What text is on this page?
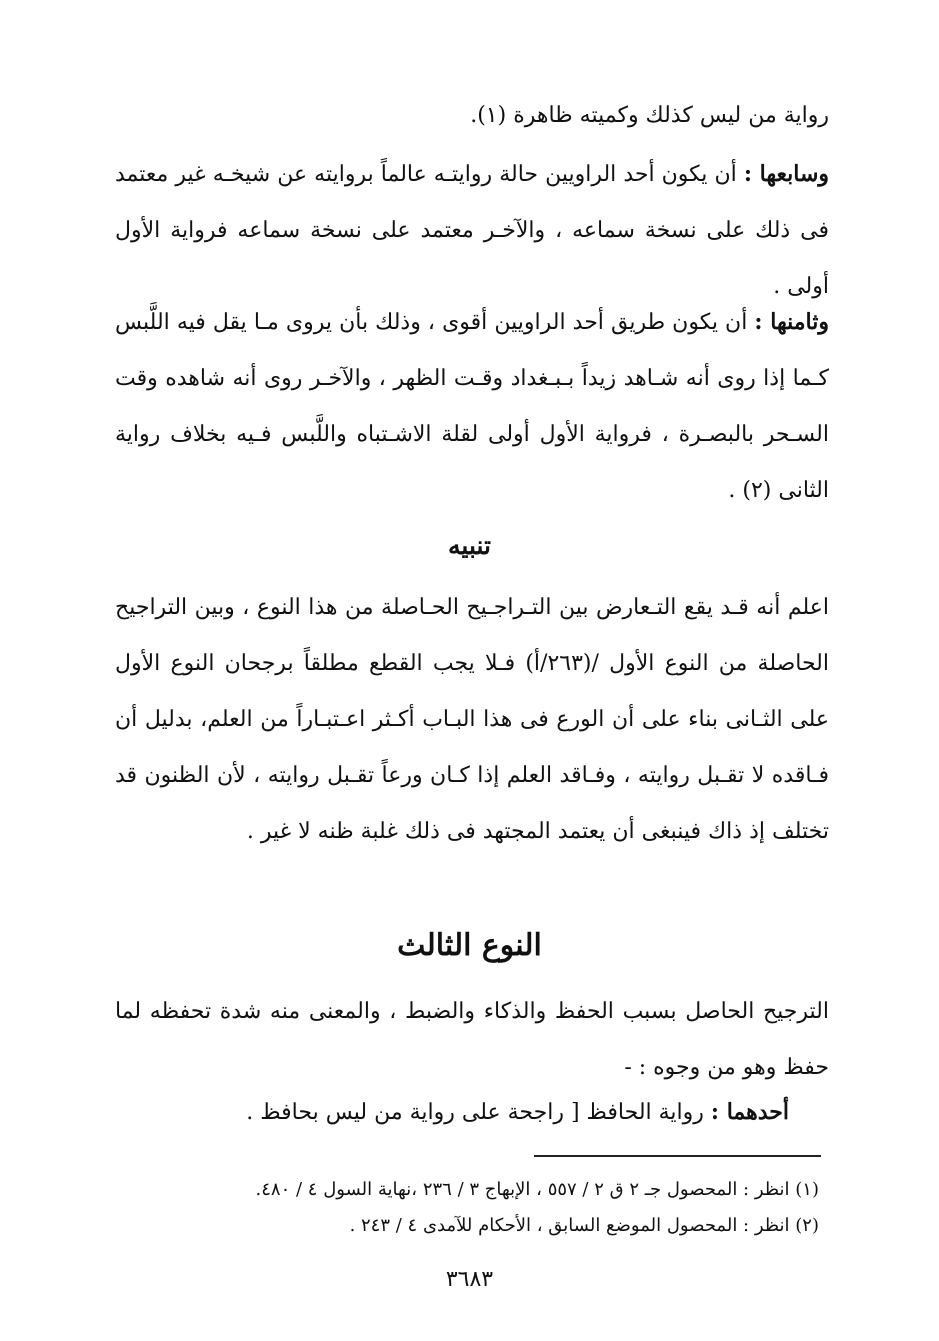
رواية من ليس كذلك وكميته ظاهرة (١).

وسابعها : أن يكون أحد الراويين حالة روايتـه عالماً بروايته عن شيخـه غير معتمد فى ذلك على نسخة سماعه ، والآخـر معتمد على نسخة سماعه فرواية الأول أولى .

وثامنها : أن يكون طريق أحد الراويين أقوى ، وذلك بأن يروى مـا يقل فيه اللَّبس كـما إذا روى أنه شـاهد زيداً بـبـغداد وقـت الظهر ، والآخـر روى أنه شاهده وقت السـحر بالبصـرة ، فرواية الأول أولى لقلة الاشـتباه واللَّبس فـيه بخلاف رواية الثانى (٢) .

تنبيه

اعلم أنه قـد يقع التـعارض بين التـراجـيح الحـاصلة من هذا النوع ، وبين التراجيح الحاصلة من النوع الأول /(٢٦٣/أ) فـلا يجب القطع مطلقاً برجحان النوع الأول على الثـانى بناء على أن الورع فى هذا البـاب أكـثر اعـتبـاراً من العلم، بدليل أن فـاقده لا تقـبل روايته ، وفـاقد العلم إذا كـان ورعاً تقـبل روايته ، لأن الظنون قد تختلف إذ ذاك فينبغى أن يعتمد المجتهد فى ذلك غلبة ظنه لا غير .

النوع الثالث

الترجيح الحاصل بسبب الحفظ والذكاء والضبط ، والمعنى منه شدة تحفظه لما حفظ وهو من وجوه : -

أحدهما : رواية الحافظ [ راجحة على رواية من ليس بحافظ .

(١) انظر : المحصول جـ ٢ ق ٢ / ٥٥٧ ، الإبهاج ٣ / ٢٣٦ ،نهاية السول ٤ / ٤٨٠.
(٢) انظر : المحصول الموضع السابق ، الأحكام للآمدى ٤ / ٢٤٣ .
٣٦٨٣
